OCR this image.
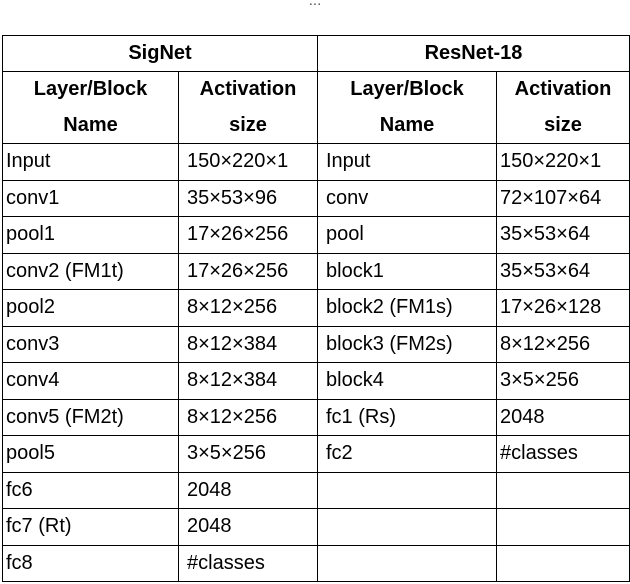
SigNet		ResNet-18	
Layer/Block	Activation	Layer/Block	Activation
Name	size	Name	size
Input	150×220×1	Input	150×220×1
conv1	35×53×96	conv	72×107×64
pool1	17×26×256	pool	35×53×64
conv2 (FM1t)	17×26×256	block1	35×53×64
pool2	8×12×256	block2 (FM1s)	17×26×128
conv3	8×12×384	block3 (FM2s)	8×12×256
conv4	8×12×384	block4	3×5×256
conv5 (FM2t)	8×12×256	fc1 (Rs)	2048
pool5	3×5×256	fc2	#classes
fc6	2048		
fc7 (Rt)	2048		
fc8	#classes		
